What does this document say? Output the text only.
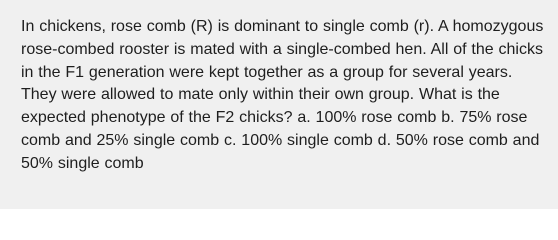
In chickens, rose comb (R) is dominant to single comb (r). A homozygous rose-combed rooster is mated with a single-combed hen. All of the chicks in the F1 generation were kept together as a group for several years. They were allowed to mate only within their own group. What is the expected phenotype of the F2 chicks? a. 100% rose comb b. 75% rose comb and 25% single comb c. 100% single comb d. 50% rose comb and 50% single comb
